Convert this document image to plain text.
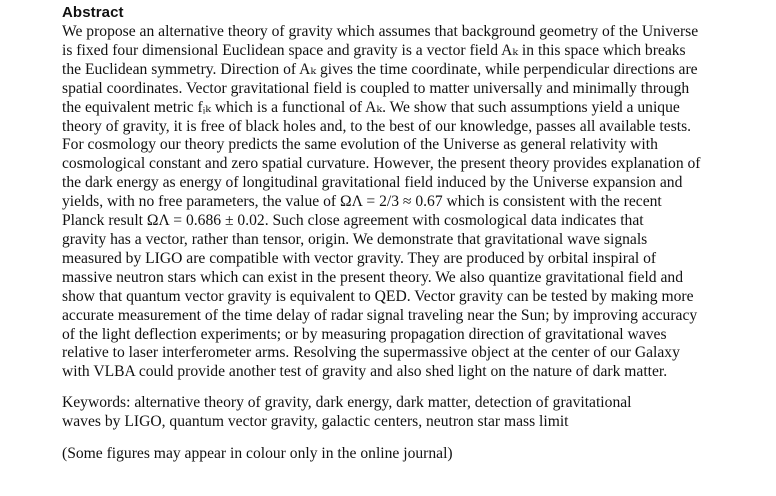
Abstract
We propose an alternative theory of gravity which assumes that background geometry of the Universe
is fixed four dimensional Euclidean space and gravity is a vector field Aₖ in this space which breaks
the Euclidean symmetry. Direction of Aₖ gives the time coordinate, while perpendicular directions are
spatial coordinates. Vector gravitational field is coupled to matter universally and minimally through
the equivalent metric fᵢₖ which is a functional of Aₖ. We show that such assumptions yield a unique
theory of gravity, it is free of black holes and, to the best of our knowledge, passes all available tests.
For cosmology our theory predicts the same evolution of the Universe as general relativity with
cosmological constant and zero spatial curvature. However, the present theory provides explanation of
the dark energy as energy of longitudinal gravitational field induced by the Universe expansion and
yields, with no free parameters, the value of ΩΛ = 2/3 ≈ 0.67 which is consistent with the recent
Planck result ΩΛ = 0.686 ± 0.02. Such close agreement with cosmological data indicates that
gravity has a vector, rather than tensor, origin. We demonstrate that gravitational wave signals
measured by LIGO are compatible with vector gravity. They are produced by orbital inspiral of
massive neutron stars which can exist in the present theory. We also quantize gravitational field and
show that quantum vector gravity is equivalent to QED. Vector gravity can be tested by making more
accurate measurement of the time delay of radar signal traveling near the Sun; by improving accuracy
of the light deflection experiments; or by measuring propagation direction of gravitational waves
relative to laser interferometer arms. Resolving the supermassive object at the center of our Galaxy
with VLBA could provide another test of gravity and also shed light on the nature of dark matter.
Keywords: alternative theory of gravity, dark energy, dark matter, detection of gravitational
waves by LIGO, quantum vector gravity, galactic centers, neutron star mass limit
(Some figures may appear in colour only in the online journal)
